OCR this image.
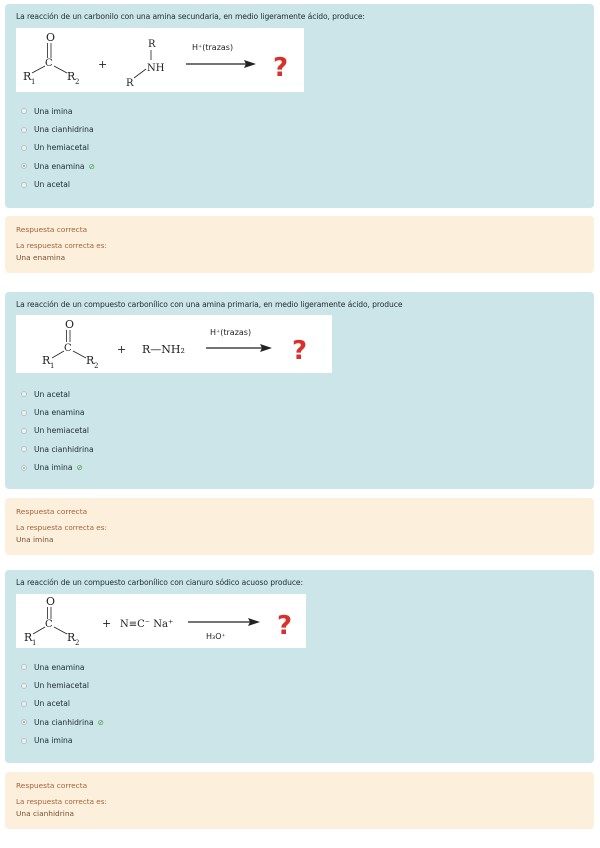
La reacción de un carbonilo con una amina secundaria, en medio ligeramente ácido, produce:
O
C
R 1	R 2
+
R
NH
R
H⁺(trazas)
?
Una imina
Una cianhidrina
Un hemiacetal
Una enamina ⊘
Un acetal
Respuesta correcta
La respuesta correcta es:
Una enamina
La reacción de un compuesto carbonílico con una amina primaria, en medio ligeramente ácido, produce
O
C
R 1	R 2
+ R—NH₂
H⁺(trazas)
?
Un acetal
Una enamina
Un hemiacetal
Una cianhidrina
Una imina ⊘
Respuesta correcta
La respuesta correcta es:
Una imina
La reacción de un compuesto carbonílico con cianuro sódico acuoso produce:
O
C
R 1	R 2
+ N≡C⁻ Na⁺
H₃O⁺ ?
Una enamina
Un hemiacetal
Un acetal
Una cianhidrina ⊘
Una imina
Respuesta correcta
La respuesta correcta es:
Una cianhidrina
